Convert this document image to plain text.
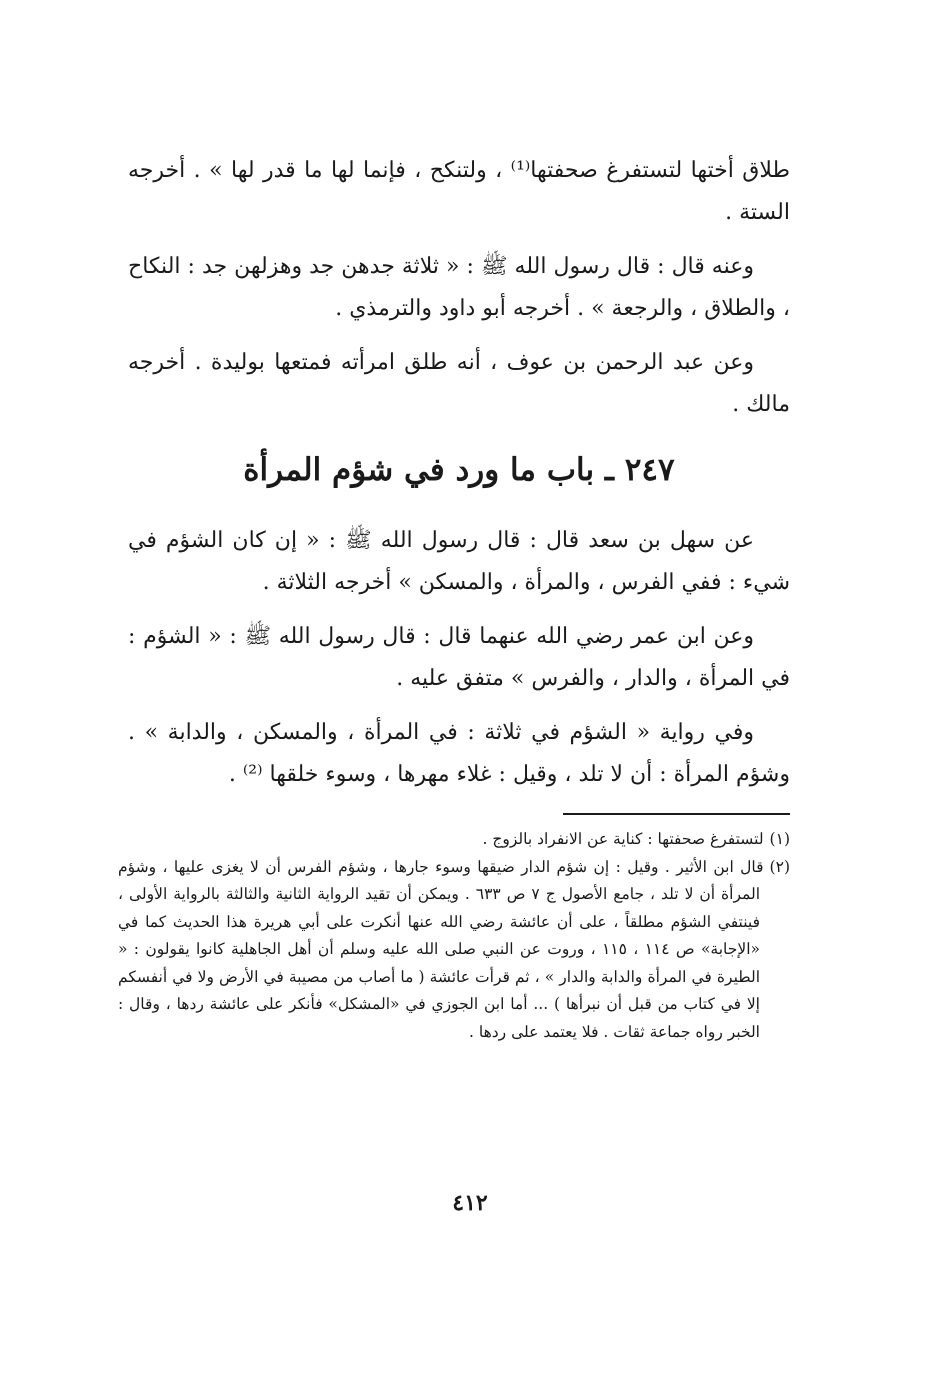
طلاق أختها لتستفرغ صحفتها⁽¹⁾ ، ولتنكح ، فإنما لها ما قدر لها » . أخرجه الستة .

وعنه قال : قال رسول الله ﷺ : « ثلاثة جدهن جد وهزلهن جد : النكاح ، والطلاق ، والرجعة » . أخرجه أبو داود والترمذي .

وعن عبد الرحمن بن عوف ، أنه طلق امرأته فمتعها بوليدة . أخرجه مالك .

٢٤٧ ـ باب ما ورد في شؤم المرأة

عن سهل بن سعد قال : قال رسول الله ﷺ : « إن كان الشؤم في شيء : ففي الفرس ، والمرأة ، والمسكن » أخرجه الثلاثة .

وعن ابن عمر رضي الله عنهما قال : قال رسول الله ﷺ : « الشؤم : في المرأة ، والدار ، والفرس » متفق عليه .

وفي رواية « الشؤم في ثلاثة : في المرأة ، والمسكن ، والدابة » . وشؤم المرأة : أن لا تلد ، وقيل : غلاء مهرها ، وسوء خلقها ⁽²⁾ .

(١)لتستفرغ صحفتها : كناية عن الانفراد بالزوج .

(٢)قال ابن الأثير . وقيل : إن شؤم الدار ضيقها وسوء جارها ، وشؤم الفرس أن لا يغزى عليها ، وشؤم المرأة أن لا تلد ، جامع الأصول ج ٧ ص ٦٣٣ . ويمكن أن تقيد الرواية الثانية والثالثة بالرواية الأولى ، فينتفي الشؤم مطلقاً ، على أن عائشة رضي الله عنها أنكرت على أبي هريرة هذا الحديث كما في «الإجابة» ص ١١٤ ، ١١٥ ، وروت عن النبي صلى الله عليه وسلم أن أهل الجاهلية كانوا يقولون : « الطيرة في المرأة والدابة والدار » ، ثم قرأت عائشة ( ما أصاب من مصيبة في الأرض ولا في أنفسكم إلا في كتاب من قبل أن نبرأها ) ... أما ابن الجوزي في «المشكل» فأنكر على عائشة ردها ، وقال : الخبر رواه جماعة ثقات . فلا يعتمد على ردها .

٤١٢
